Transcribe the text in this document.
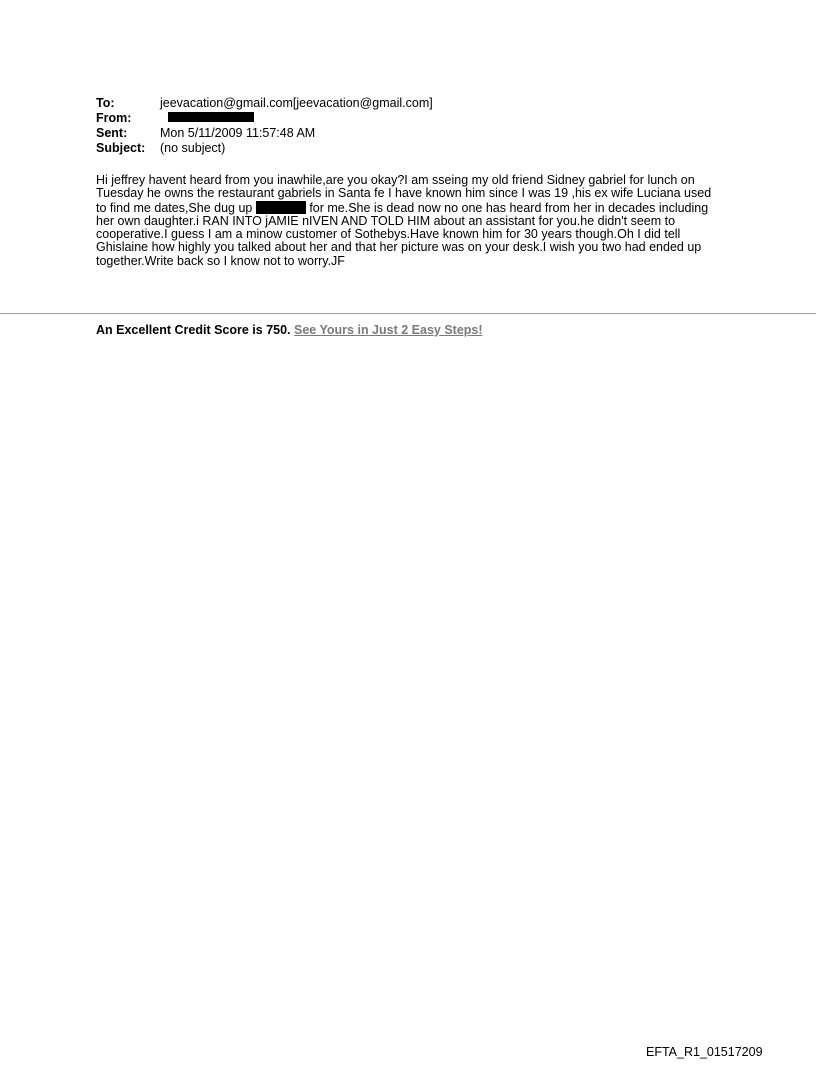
To:	jeevacation@gmail.com[jeevacation@gmail.com]
From:
Sent:	Mon 5/11/2009 11:57:48 AM
Subject:	(no subject)
Hi jeffrey havent heard from you inawhile,are you okay?I am sseing my old friend Sidney gabriel for lunch on
Tuesday he owns the restaurant gabriels in Santa fe I have known him since I was 19 ,his ex wife Luciana used
to find me dates,She dug up	for me.She is dead now no one has heard from her in decades including
her own daughter.i RAN INTO jAMIE nIVEN AND TOLD HIM about an assistant for you.he didn't seem to
cooperative.I guess I am a minow customer of Sothebys.Have known him for 30 years though.Oh I did tell
Ghislaine how highly you talked about her and that her picture was on your desk.I wish you two had ended up
together.Write back so I know not to worry.JF
An Excellent Credit Score is 750. See Yours in Just 2 Easy Steps!
EFTA_R1_01517209
